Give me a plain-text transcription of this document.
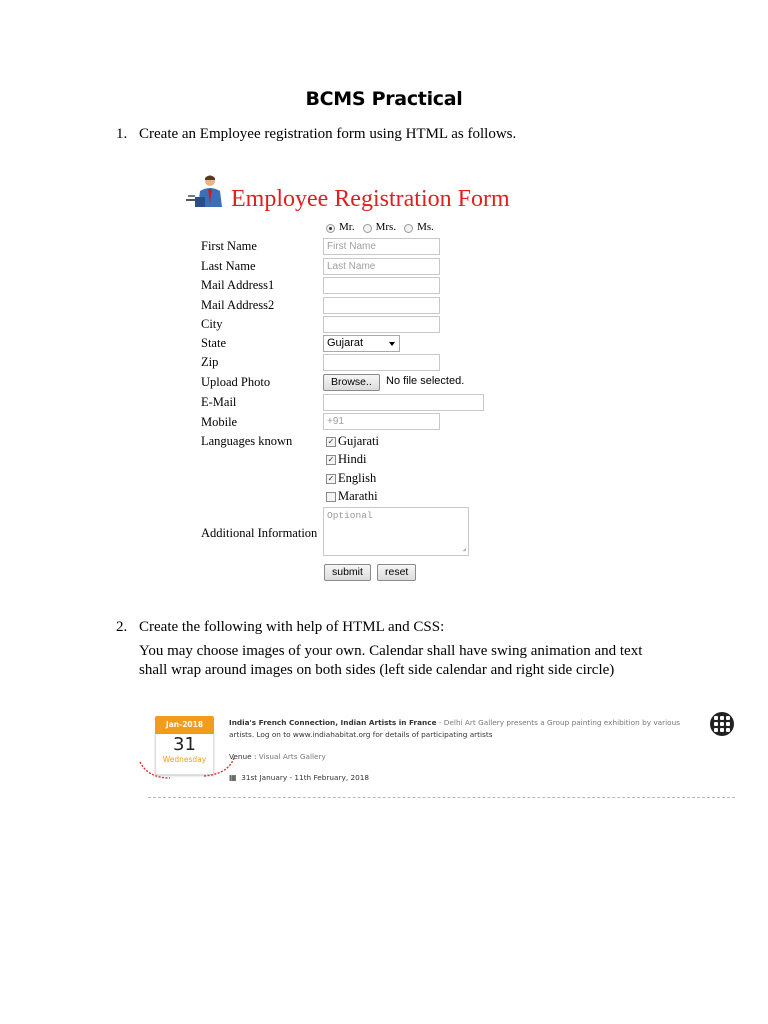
BCMS Practical
1. Create an Employee registration form using HTML as follows.
Employee Registration Form
Mr. Mrs. Ms.
First Name	First Name
Last Name	Last Name
Mail Address1
Mail Address2
City
State	Gujarat
Zip
Upload Photo	Browse..	No file selected.
E-Mail
Mobile	+91
Languages known	✓ Gujarati
✓ Hindi
✓ English
Marathi
Additional Information
Optional
◢
submit	reset
2. Create the following with help of HTML and CSS:
You may choose images of your own. Calendar shall have swing animation and text
shall wrap around images on both sides (left side calendar and right side circle)
Jan-2018
31
Wednesday
India's French Connection, Indian Artists in France - Delhi Art Gallery presents a Group painting exhibition by various
artists. Log on to www.indiahabitat.org for details of participating artists
Venue : Visual Arts Gallery
▦ 31st January - 11th February, 2018
